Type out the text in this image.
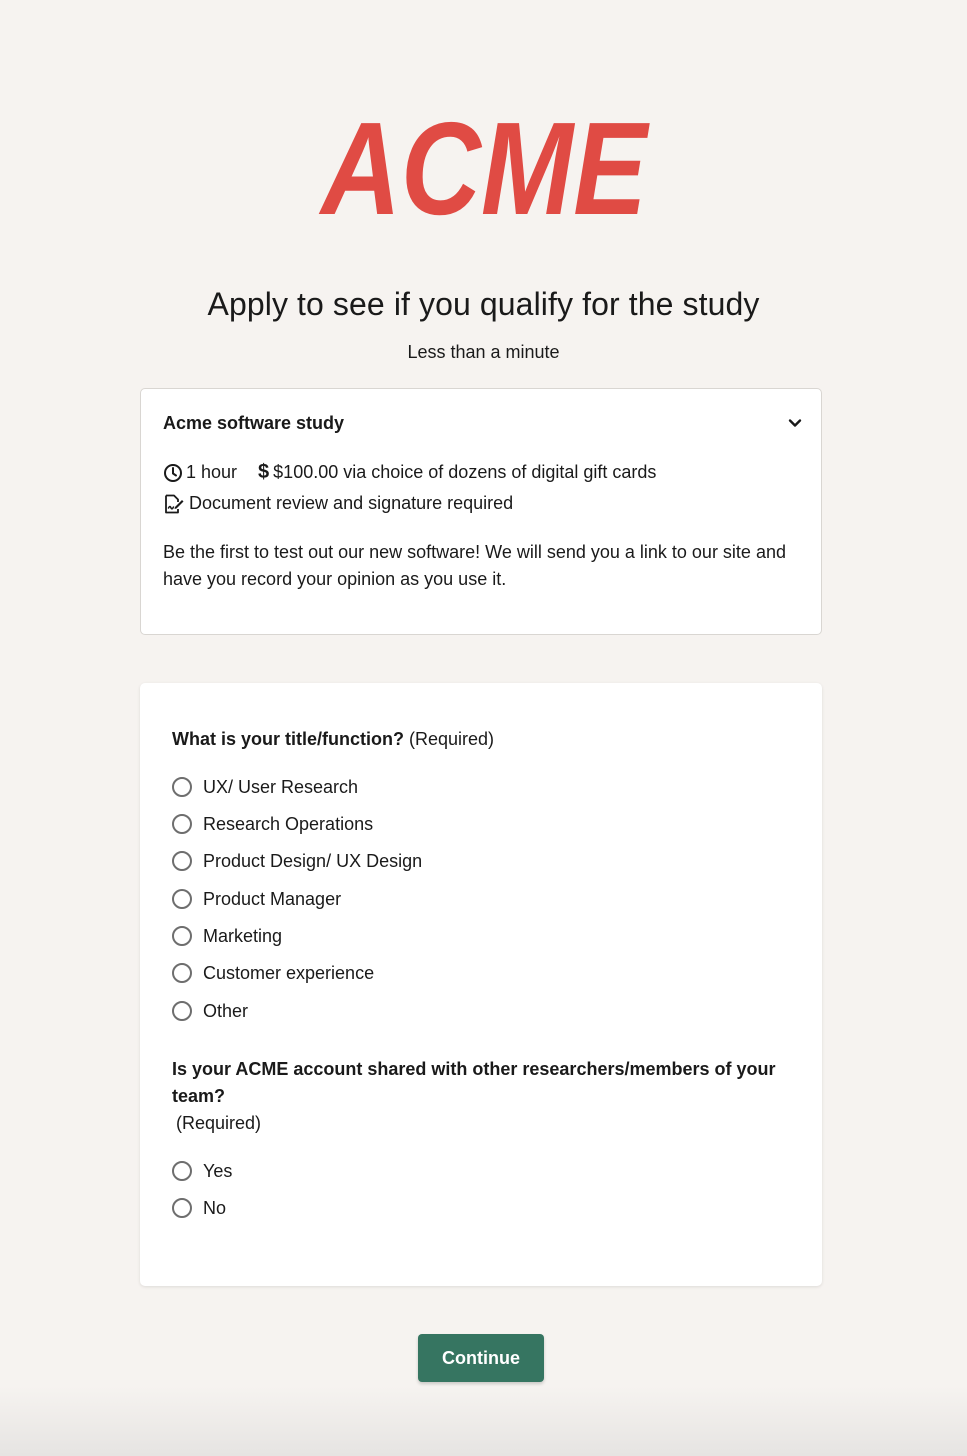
ACME
Apply to see if you qualify for the study
Less than a minute
Acme software study
1 hour $ $100.00 via choice of dozens of digital gift cards
Document review and signature required
Be the first to test out our new software! We will send you a link to our site and have you record your opinion as you use it.
What is your title/function? (Required)
UX/ User Research
Research Operations
Product Design/ UX Design
Product Manager
Marketing
Customer experience
Other
Is your ACME account shared with other researchers/members of your team?
(Required)
Yes
No
Continue
